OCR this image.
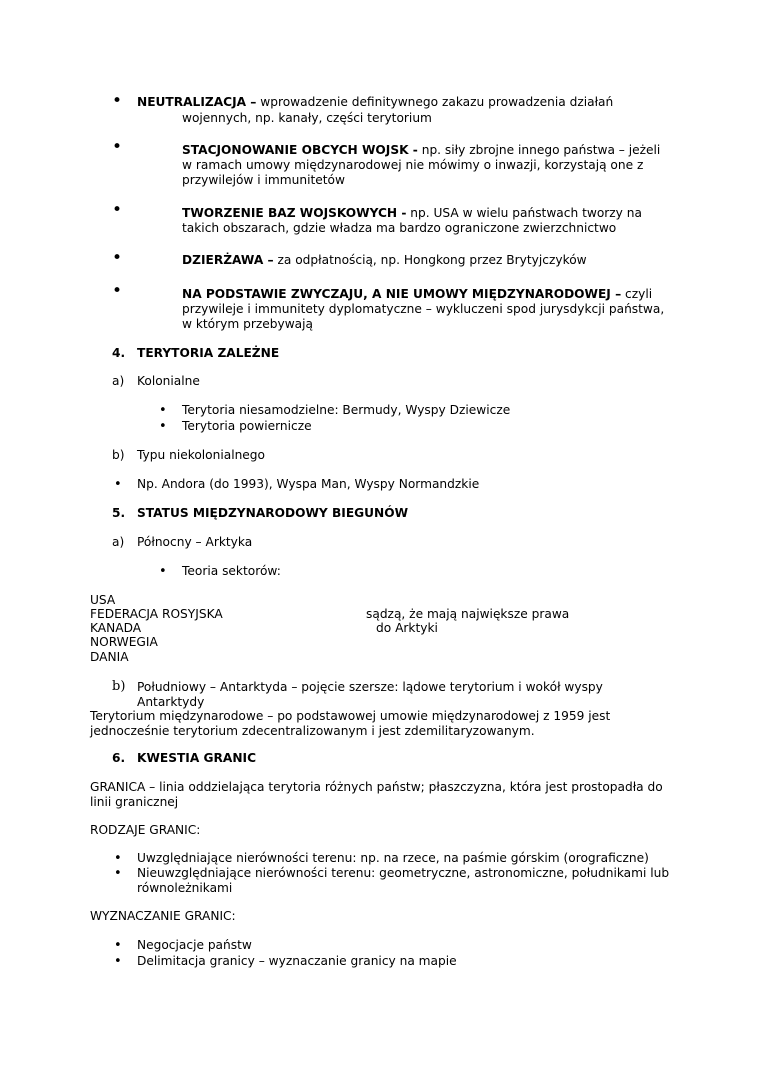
• NEUTRALIZACJA – wprowadzenie definitywnego zakazu prowadzenia działań
wojennych, np. kanały, części terytorium
•	STACJONOWANIE OBCYCH WOJSK - np. siły zbrojne innego państwa – jeżeli
w ramach umowy międzynarodowej nie mówimy o inwazji, korzystają one z
przywilejów i immunitetów
•	TWORZENIE BAZ WOJSKOWYCH - np. USA w wielu państwach tworzy na
takich obszarach, gdzie władza ma bardzo ograniczone zwierzchnictwo
•	DZIERŻAWA – za odpłatnością, np. Hongkong przez Brytyjczyków
•	NA PODSTAWIE ZWYCZAJU, A NIE UMOWY MIĘDZYNARODOWEJ – czyli
przywileje i immunitety dyplomatyczne – wykluczeni spod jurysdykcji państwa,
w którym przebywają
4. TERYTORIA ZALEŻNE
a) Kolonialne
• Terytoria niesamodzielne: Bermudy, Wyspy Dziewicze
• Terytoria powiernicze
b) Typu niekolonialnego
• Np. Andora (do 1993), Wyspa Man, Wyspy Normandzkie
5. STATUS MIĘDZYNARODOWY BIEGUNÓW
a) Północny – Arktyka
• Teoria sektorów:
USA
FEDERACJA ROSYJSKA
KANADA
NORWEGIA
DANIA
sądzą, że mają największe prawa
do Arktyki
b) Południowy – Antarktyda – pojęcie szersze: lądowe terytorium i wokół wyspy
Antarktydy
Terytorium międzynarodowe – po podstawowej umowie międzynarodowej z 1959 jest
jednocześnie terytorium zdecentralizowanym i jest zdemilitaryzowanym.
6. KWESTIA GRANIC
GRANICA – linia oddzielająca terytoria różnych państw; płaszczyzna, która jest prostopadła do
linii granicznej
RODZAJE GRANIC:
• Uwzględniające nierówności terenu: np. na rzece, na paśmie górskim (orograficzne)
• Nieuwzględniające nierówności terenu: geometryczne, astronomiczne, południkami lub
równoleżnikami
WYZNACZANIE GRANIC:
• Negocjacje państw
• Delimitacja granicy – wyznaczanie granicy na mapie
